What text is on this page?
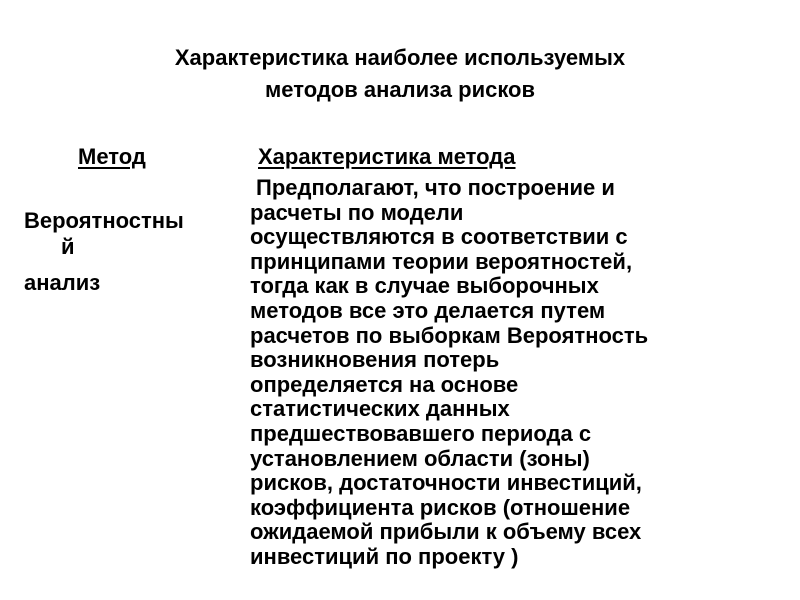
Характеристика наиболее используемых
методов анализа рисков
Метод	Характеристика метода
Вероятностны
й
анализ
Предполагают, что построение и
расчеты по модели
осуществляются в соответствии с
принципами теории вероятностей,
тогда как в случае выборочных
методов все это делается путем
расчетов по выборкам Вероятность
возникновения потерь
определяется на основе
статистических данных
предшествовавшего периода с
установлением области (зоны)
рисков, достаточности инвестиций,
коэффициента рисков (отношение
ожидаемой прибыли к объему всех
инвестиций по проекту )
